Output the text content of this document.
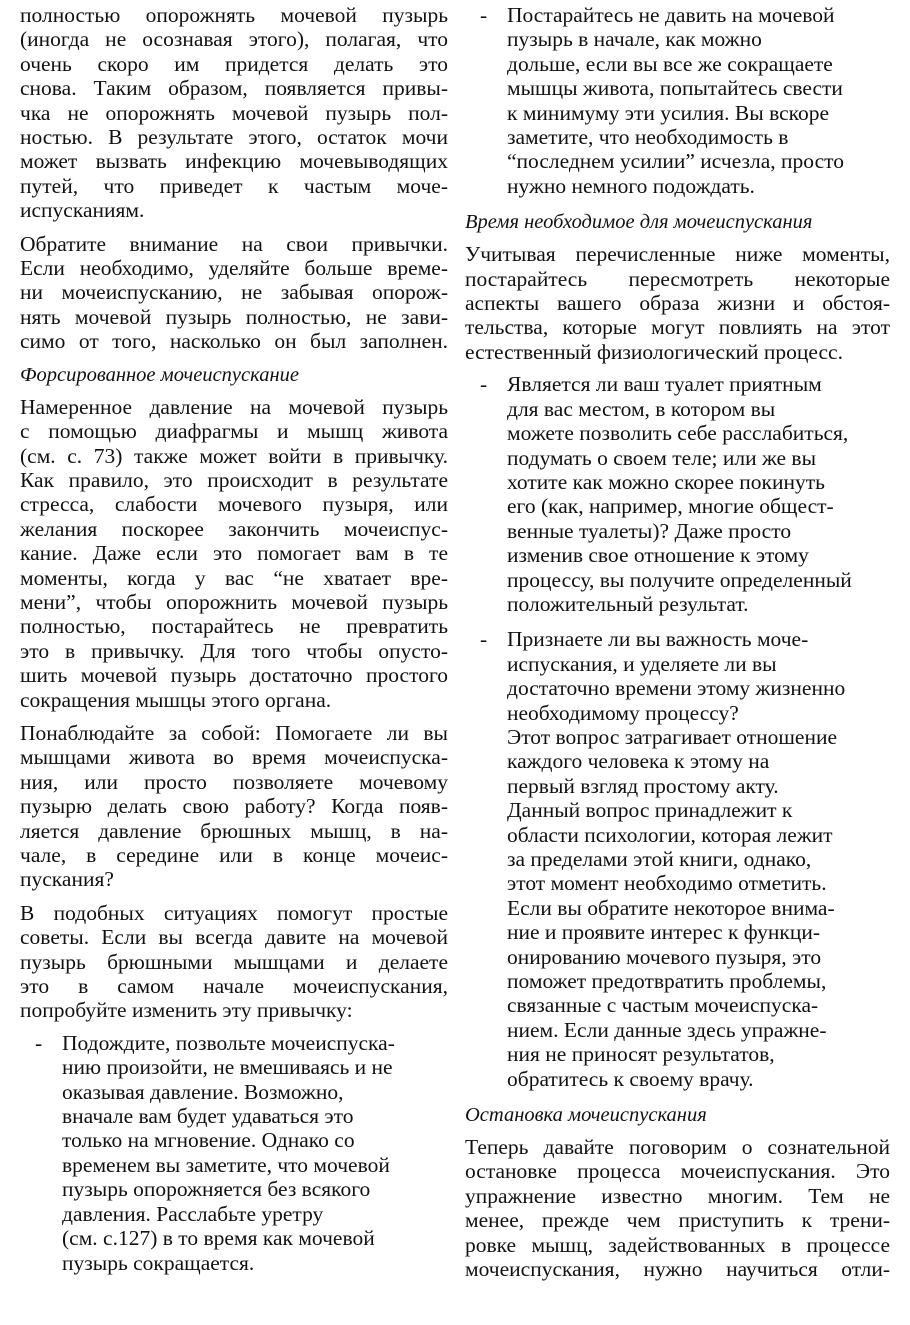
полностью опорожнять мочевой пузырь
(иногда не осознавая этого), полагая, что
очень скоро им придется делать это
снова. Таким образом, появляется привы-
чка не опорожнять мочевой пузырь пол-
ностью. В результате этого, остаток мочи
может вызвать инфекцию мочевыводящих
путей, что приведет к частым моче-
испусканиям.
Обратите внимание на свои привычки.
Если необходимо, уделяйте больше време-
ни мочеиспусканию, не забывая опорож-
нять мочевой пузырь полностью, не зави-
симо от того, насколько он был заполнен.
Форсированное мочеиспускание
Намеренное давление на мочевой пузырь
с помощью диафрагмы и мышц живота
(см. с. 73) также может войти в привычку.
Как правило, это происходит в результате
стресса, слабости мочевого пузыря, или
желания поскорее закончить мочеиспус-
кание. Даже если это помогает вам в те
моменты, когда у вас “не хватает вре-
мени”, чтобы опорожнить мочевой пузырь
полностью, постарайтесь не превратить
это в привычку. Для того чтобы опусто-
шить мочевой пузырь достаточно простого
сокращения мышцы этого органа.
Понаблюдайте за собой: Помогаете ли вы
мышцами живота во время мочеиспуска-
ния, или просто позволяете мочевому
пузырю делать свою работу? Когда появ-
ляется давление брюшных мышц, в на-
чале, в середине или в конце мочеис-
пускания?
В подобных ситуациях помогут простые
советы. Если вы всегда давите на мочевой
пузырь брюшными мышцами и делаете
это в самом начале мочеиспускания,
попробуйте изменить эту привычку:
- Подождите, позвольте мочеиспуска-
нию произойти, не вмешиваясь и не
оказывая давление. Возможно,
вначале вам будет удаваться это
только на мгновение. Однако со
временем вы заметите, что мочевой
пузырь опорожняется без всякого
давления. Расслабьте уретру
(см. с.127) в то время как мочевой
пузырь сокращается.
- Постарайтесь не давить на мочевой
пузырь в начале, как можно
дольше, если вы все же сокращаете
мышцы живота, попытайтесь свести
к минимуму эти усилия. Вы вскоре
заметите, что необходимость в
“последнем усилии” исчезла, просто
нужно немного подождать.
Время необходимое для мочеиспускания
Учитывая перечисленные ниже моменты,
постарайтесь пересмотреть некоторые
аспекты вашего образа жизни и обстоя-
тельства, которые могут повлиять на этот
естественный физиологический процесс.
- Является ли ваш туалет приятным
для вас местом, в котором вы
можете позволить себе расслабиться,
подумать о своем теле; или же вы
хотите как можно скорее покинуть
его (как, например, многие общест-
венные туалеты)? Даже просто
изменив свое отношение к этому
процессу, вы получите определенный
положительный результат.
- Признаете ли вы важность моче-
испускания, и уделяете ли вы
достаточно времени этому жизненно
необходимому процессу?
Этот вопрос затрагивает отношение
каждого человека к этому на
первый взгляд простому акту.
Данный вопрос принадлежит к
области психологии, которая лежит
за пределами этой книги, однако,
этот момент необходимо отметить.
Если вы обратите некоторое внима-
ние и проявите интерес к функци-
онированию мочевого пузыря, это
поможет предотвратить проблемы,
связанные с частым мочеиспуска-
нием. Если данные здесь упражне-
ния не приносят результатов,
обратитесь к своему врачу.
Остановка мочеиспускания
Теперь давайте поговорим о сознательной
остановке процесса мочеиспускания. Это
упражнение известно многим. Тем не
менее, прежде чем приступить к трени-
ровке мышц, задействованных в процессе
мочеиспускания, нужно научиться отли-
